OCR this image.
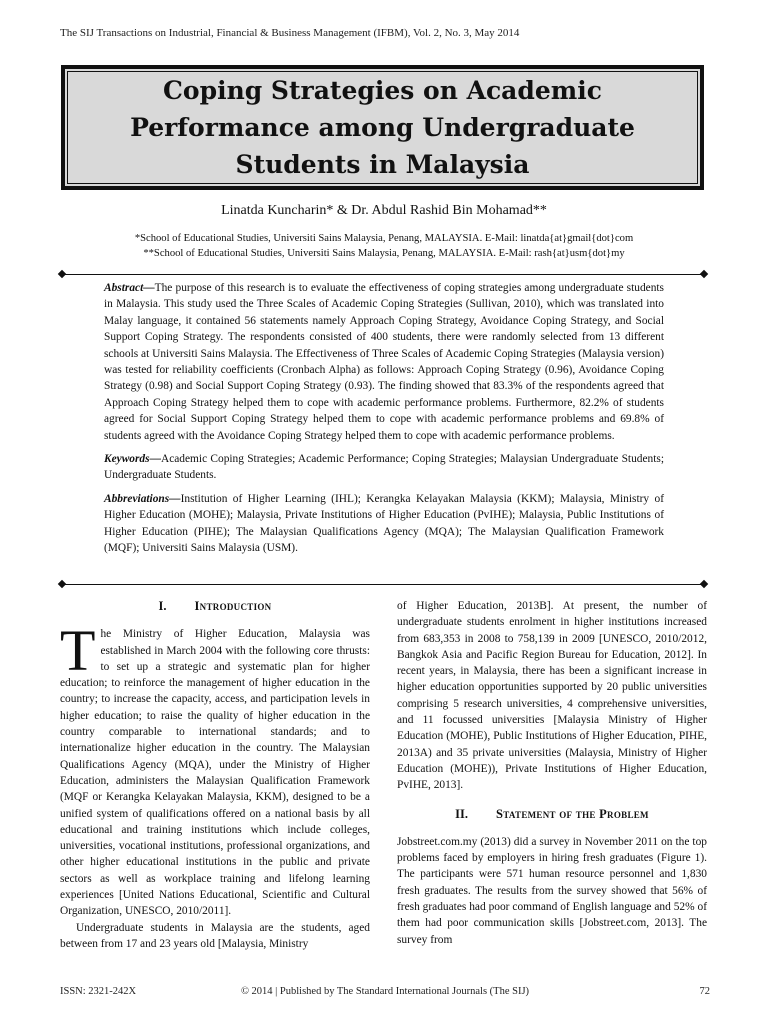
The SIJ Transactions on Industrial, Financial & Business Management (IFBM), Vol. 2, No. 3, May 2014
Coping Strategies on Academic
Performance among Undergraduate
Students in Malaysia
Linatda Kuncharin* & Dr. Abdul Rashid Bin Mohamad**
*School of Educational Studies, Universiti Sains Malaysia, Penang, MALAYSIA. E-Mail: linatda{at}gmail{dot}com
**School of Educational Studies, Universiti Sains Malaysia, Penang, MALAYSIA. E-Mail: rash{at}usm{dot}my

Abstract—The purpose of this research is to evaluate the effectiveness of coping strategies among undergraduate students in Malaysia. This study used the Three Scales of Academic Coping Strategies (Sullivan, 2010), which was translated into Malay language, it contained 56 statements namely Approach Coping Strategy, Avoidance Coping Strategy, and Social Support Coping Strategy. The respondents consisted of 400 students, there were randomly selected from 13 different schools at Universiti Sains Malaysia. The Effectiveness of Three Scales of Academic Coping Strategies (Malaysia version) was tested for reliability coefficients (Cronbach Alpha) as follows: Approach Coping Strategy (0.96), Avoidance Coping Strategy (0.98) and Social Support Coping Strategy (0.93). The finding showed that 83.3% of the respondents agreed that Approach Coping Strategy helped them to cope with academic performance problems. Furthermore, 82.2% of students agreed for Social Support Coping Strategy helped them to cope with academic performance problems and 69.8% of students agreed with the Avoidance Coping Strategy helped them to cope with academic performance problems.

Keywords—Academic Coping Strategies; Academic Performance; Coping Strategies; Malaysian Undergraduate Students; Undergraduate Students.

Abbreviations—Institution of Higher Learning (IHL); Kerangka Kelayakan Malaysia (KKM); Malaysia, Ministry of Higher Education (MOHE); Malaysia, Private Institutions of Higher Education (PvIHE); Malaysia, Public Institutions of Higher Education (PIHE); The Malaysian Qualifications Agency (MQA); The Malaysian Qualification Framework (MQF); Universiti Sains Malaysia (USM).

I. Introduction

The Ministry of Higher Education, Malaysia was established in March 2004 with the following core thrusts: to set up a strategic and systematic plan for higher education; to reinforce the management of higher education in the country; to increase the capacity, access, and participation levels in higher education; to raise the quality of higher education in the country comparable to international standards; and to internationalize higher education in the country. The Malaysian Qualifications Agency (MQA), under the Ministry of Higher Education, administers the Malaysian Qualification Framework (MQF or Kerangka Kelayakan Malaysia, KKM), designed to be a unified system of qualifications offered on a national basis by all educational and training institutions which include colleges, universities, vocational institutions, professional organizations, and other higher educational institutions in the public and private sectors as well as workplace training and lifelong learning experiences [United Nations Educational, Scientific and Cultural Organization, UNESCO, 2010/2011].

Undergraduate students in Malaysia are the students, aged between from 17 and 23 years old [Malaysia, Ministry

of Higher Education, 2013B]. At present, the number of undergraduate students enrolment in higher institutions increased from 683,353 in 2008 to 758,139 in 2009 [UNESCO, 2010/2012, Bangkok Asia and Pacific Region Bureau for Education, 2012]. In recent years, in Malaysia, there has been a significant increase in higher education opportunities supported by 20 public universities comprising 5 research universities, 4 comprehensive universities, and 11 focussed universities [Malaysia Ministry of Higher Education (MOHE), Public Institutions of Higher Education, PIHE, 2013A) and 35 private universities (Malaysia, Ministry of Higher Education (MOHE)), Private Institutions of Higher Education, PvIHE, 2013].

II. Statement of the Problem

Jobstreet.com.my (2013) did a survey in November 2011 on the top problems faced by employers in hiring fresh graduates (Figure 1). The participants were 571 human resource personnel and 1,830 fresh graduates. The results from the survey showed that 56% of fresh graduates had poor command of English language and 52% of them had poor communication skills [Jobstreet.com, 2013]. The survey from

ISSN: 2321-242X	© 2014 | Published by The Standard International Journals (The SIJ)	72
